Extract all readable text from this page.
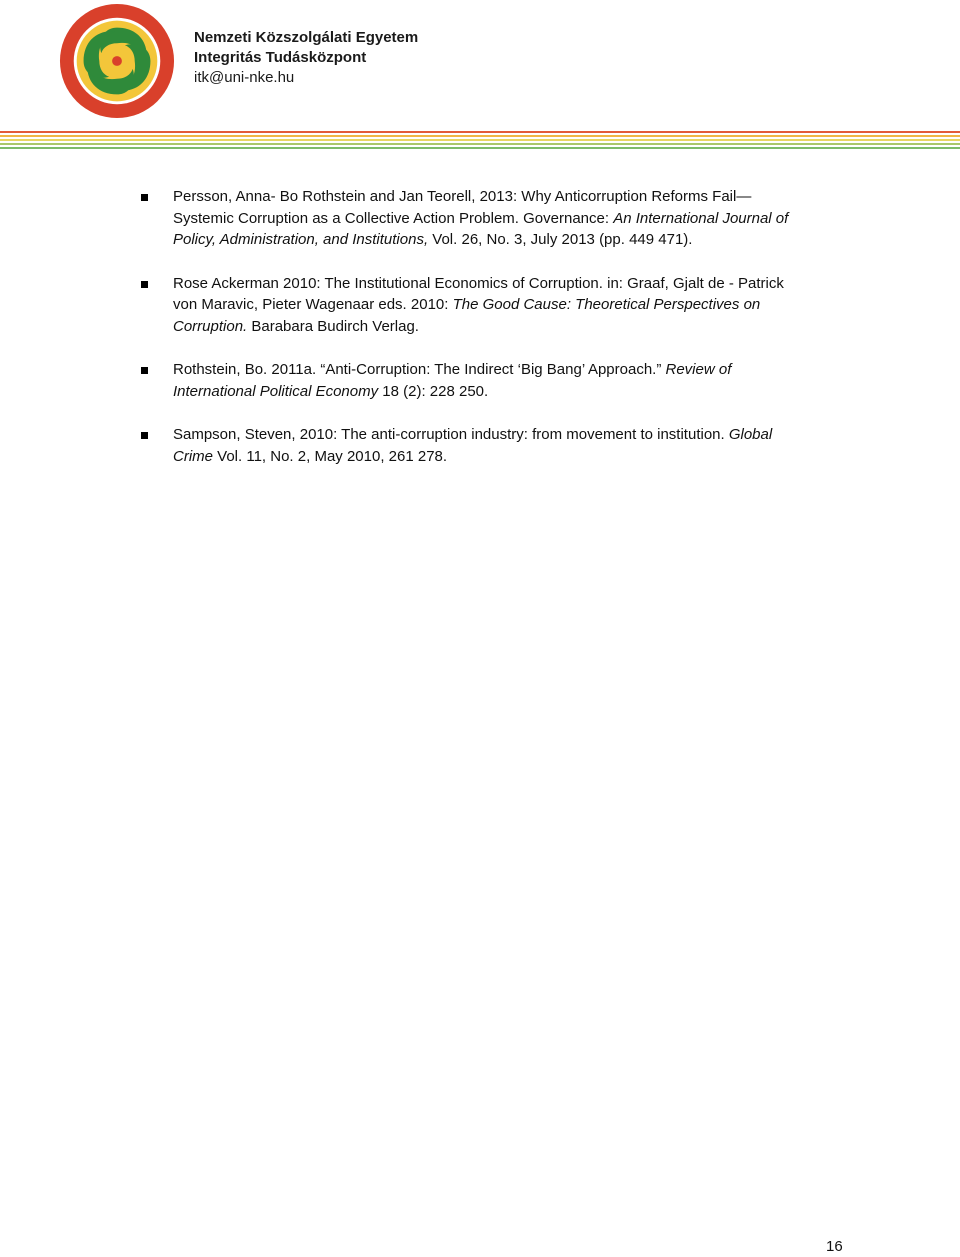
Nemzeti Közszolgálati Egyetem
Integritás Tudásközpont
itk@uni-nke.hu
Persson, Anna- Bo Rothstein and Jan Teorell, 2013: Why Anticorruption Reforms Fail—
Systemic Corruption as a Collective Action Problem. Governance: An International Journal of
Policy, Administration, and Institutions, Vol. 26, No. 3, July 2013 (pp. 449 471).
Rose Ackerman 2010: The Institutional Economics of Corruption. in: Graaf, Gjalt de - Patrick
von Maravic, Pieter Wagenaar eds. 2010: The Good Cause: Theoretical Perspectives on
Corruption. Barabara Budirch Verlag.
Rothstein, Bo. 2011a. “Anti-Corruption: The Indirect ‘Big Bang’ Approach.” Review of
International Political Economy 18 (2): 228 250.
Sampson, Steven, 2010: The anti-corruption industry: from movement to institution. Global
Crime Vol. 11, No. 2, May 2010, 261 278.
16
